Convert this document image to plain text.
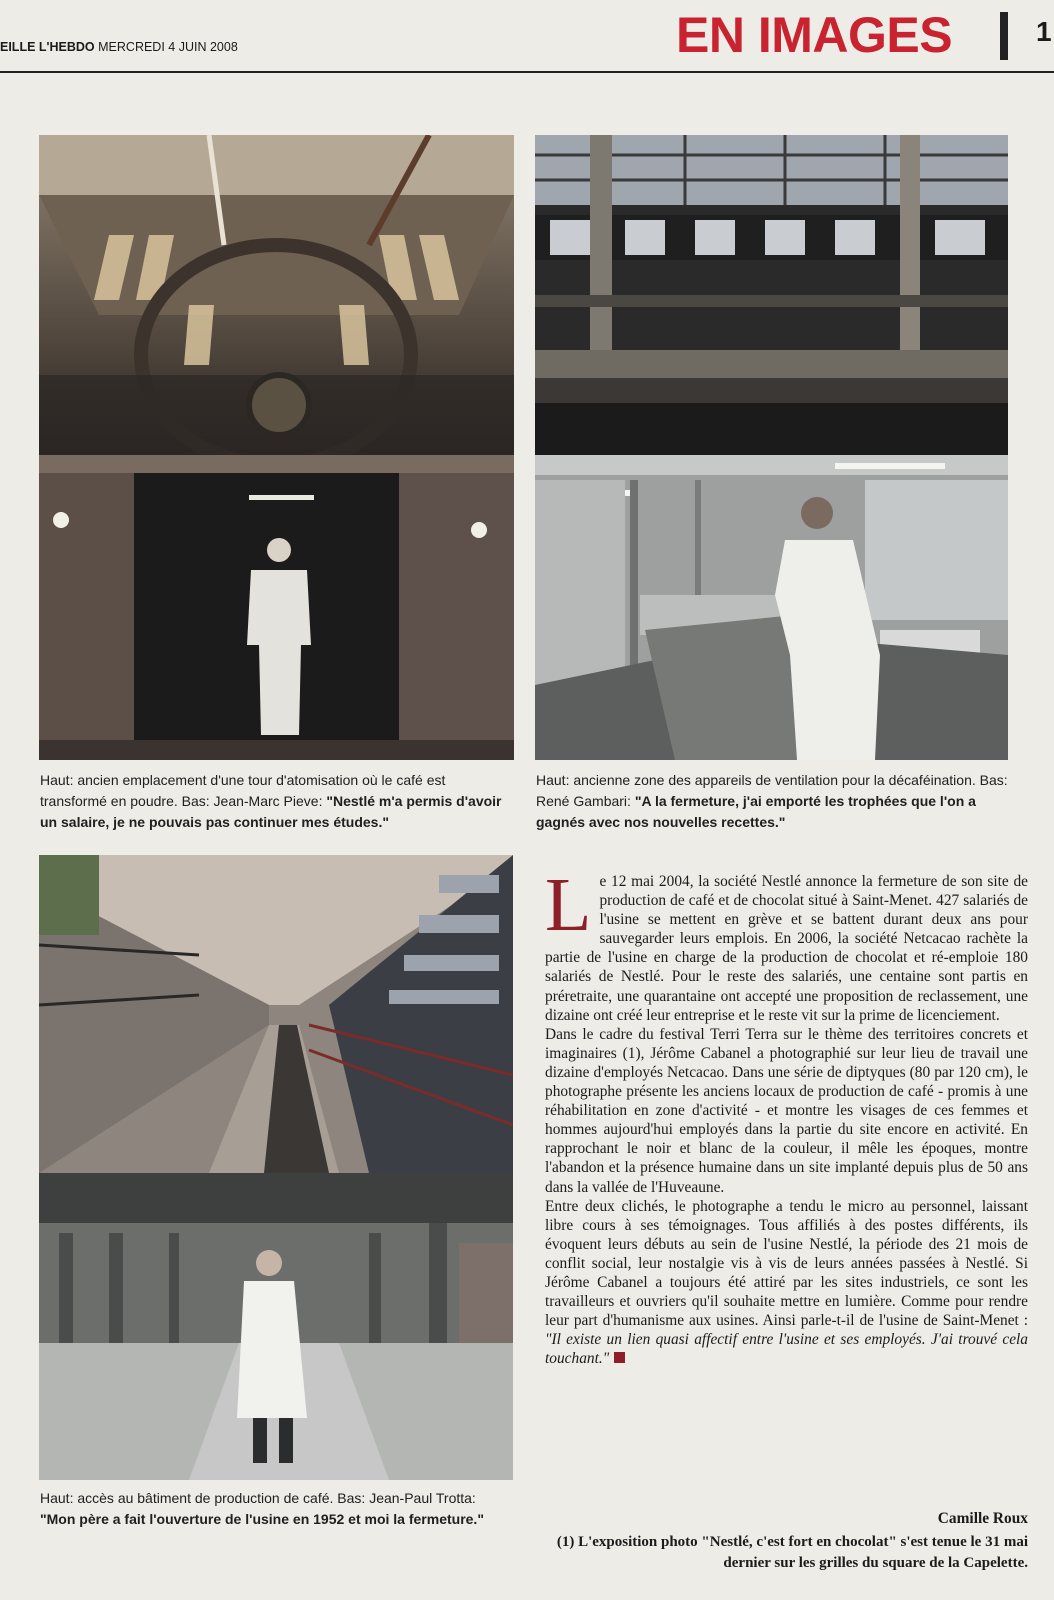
EILLE L'HEBDO MERCREDI 4 JUIN 2008	EN IMAGES	1
Haut: ancien emplacement d'une tour d'atomisation où le café est transformé en poudre. Bas: Jean-Marc Pieve: "Nestlé m'a permis d'avoir un salaire, je ne pouvais pas continuer mes études."
Haut: ancienne zone des appareils de ventilation pour la décaféination. Bas: René Gambari: "A la fermeture, j'ai emporté les trophées que l'on a gagnés avec nos nouvelles recettes."
Haut: accès au bâtiment de production de café. Bas: Jean-Paul Trotta: "Mon père a fait l'ouverture de l'usine en 1952 et moi la fermeture."

Le 12 mai 2004, la société Nestlé annonce la fermeture de son site de production de café et de chocolat situé à Saint-Menet. 427 salariés de l'usine se mettent en grève et se battent durant deux ans pour sauvegarder leurs emplois. En 2006, la société Netcacao rachète la partie de l'usine en charge de la production de chocolat et ré-emploie 180 salariés de Nestlé. Pour le reste des salariés, une centaine sont partis en préretraite, une quarantaine ont accepté une proposition de reclassement, une dizaine ont créé leur entreprise et le reste vit sur la prime de licenciement.

Dans le cadre du festival Terri Terra sur le thème des territoires concrets et imaginaires (1), Jérôme Cabanel a photographié sur leur lieu de travail une dizaine d'employés Netcacao. Dans une série de diptyques (80 par 120 cm), le photographe présente les anciens locaux de production de café - promis à une réhabilitation en zone d'activité - et montre les visages de ces femmes et hommes aujourd'hui employés dans la partie du site encore en activité. En rapprochant le noir et blanc de la couleur, il mêle les époques, montre l'abandon et la présence humaine dans un site implanté depuis plus de 50 ans dans la vallée de l'Huveaune.

Entre deux clichés, le photographe a tendu le micro au personnel, laissant libre cours à ses témoignages. Tous affiliés à des postes différents, ils évoquent leurs débuts au sein de l'usine Nestlé, la période des 21 mois de conflit social, leur nostalgie vis à vis de leurs années passées à Nestlé. Si Jérôme Cabanel a toujours été attiré par les sites industriels, ce sont les travailleurs et ouvriers qu'il souhaite mettre en lumière. Comme pour rendre leur part d'humanisme aux usines. Ainsi parle-t-il de l'usine de Saint-Menet : "Il existe un lien quasi affectif entre l'usine et ses employés. J'ai trouvé cela touchant."

Camille Roux
(1) L'exposition photo "Nestlé, c'est fort en chocolat" s'est tenue le 31 mai dernier sur les grilles du square de la Capelette.
